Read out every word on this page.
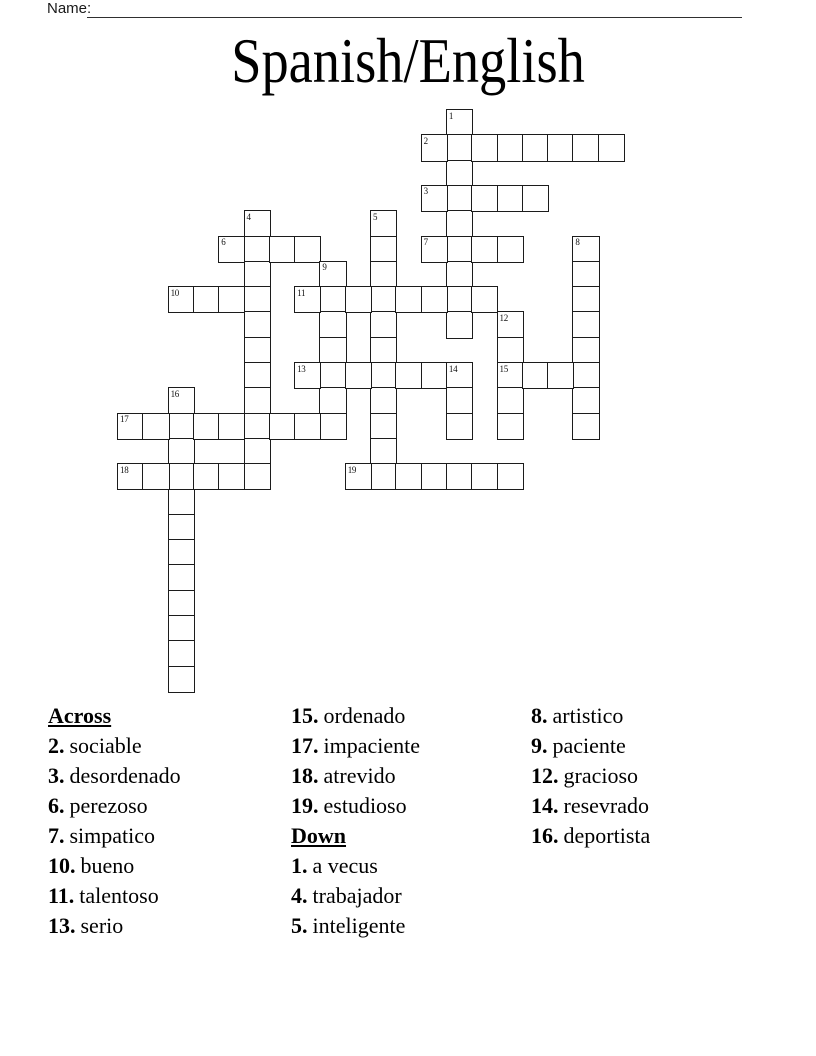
Name:
Spanish/English
1
2
3
4	5
6	7	8
9
10	11
12
15
13	14
16
17
18	19
Across
2. sociable
3. desordenado
6. perezoso
7. simpatico
10. bueno
11. talentoso
13. serio
15. ordenado
17. impaciente
18. atrevido
19. estudioso
Down
1. a vecus
4. trabajador
5. inteligente
8. artistico
9. paciente
12. gracioso
14. resevrado
16. deportista
